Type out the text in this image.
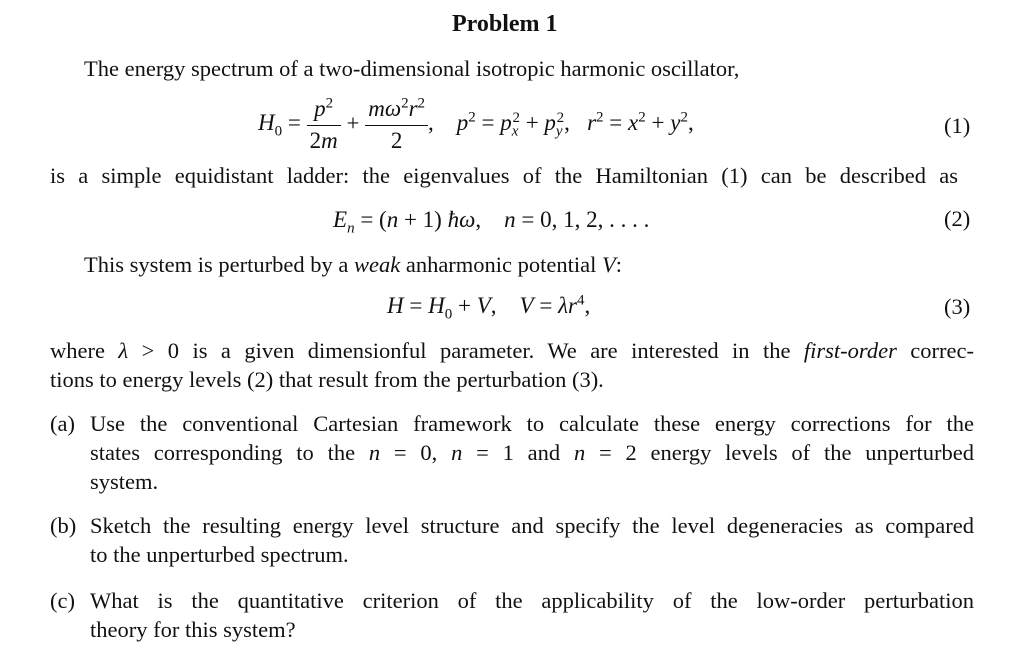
Problem 1
The energy spectrum of a two-dimensional isotropic harmonic oscillator,
$H_0 = \frac{p^2}{2m} + \frac{m\omega^2r^2}{2}$ ,    $p^2 = p_x^2 + p_y^2$,   $r^2 = x^2 + y^2$,	(1)
is a simple equidistant ladder: the eigenvalues of the Hamiltonian (1) can be described as
$E_n = (n + 1)$ ħω,    n = 0, 1, 2, . . . .	(2)
This system is perturbed by a weak anharmonic potential V:
$H = H_0 + V$,    $V = \lambda r^4$,	(3)
where λ > 0 is a given dimensionful parameter. We are interested in the first-order correc-
tions to energy levels (2) that result from the perturbation (3).
(a) Use the conventional Cartesian framework to calculate these energy corrections for the
states corresponding to the n = 0, n = 1 and n = 2 energy levels of the unperturbed
system.
(b) Sketch the resulting energy level structure and specify the level degeneracies as compared
to the unperturbed spectrum.
(c) What is the quantitative criterion of the applicability of the low-order perturbation
theory for this system?
